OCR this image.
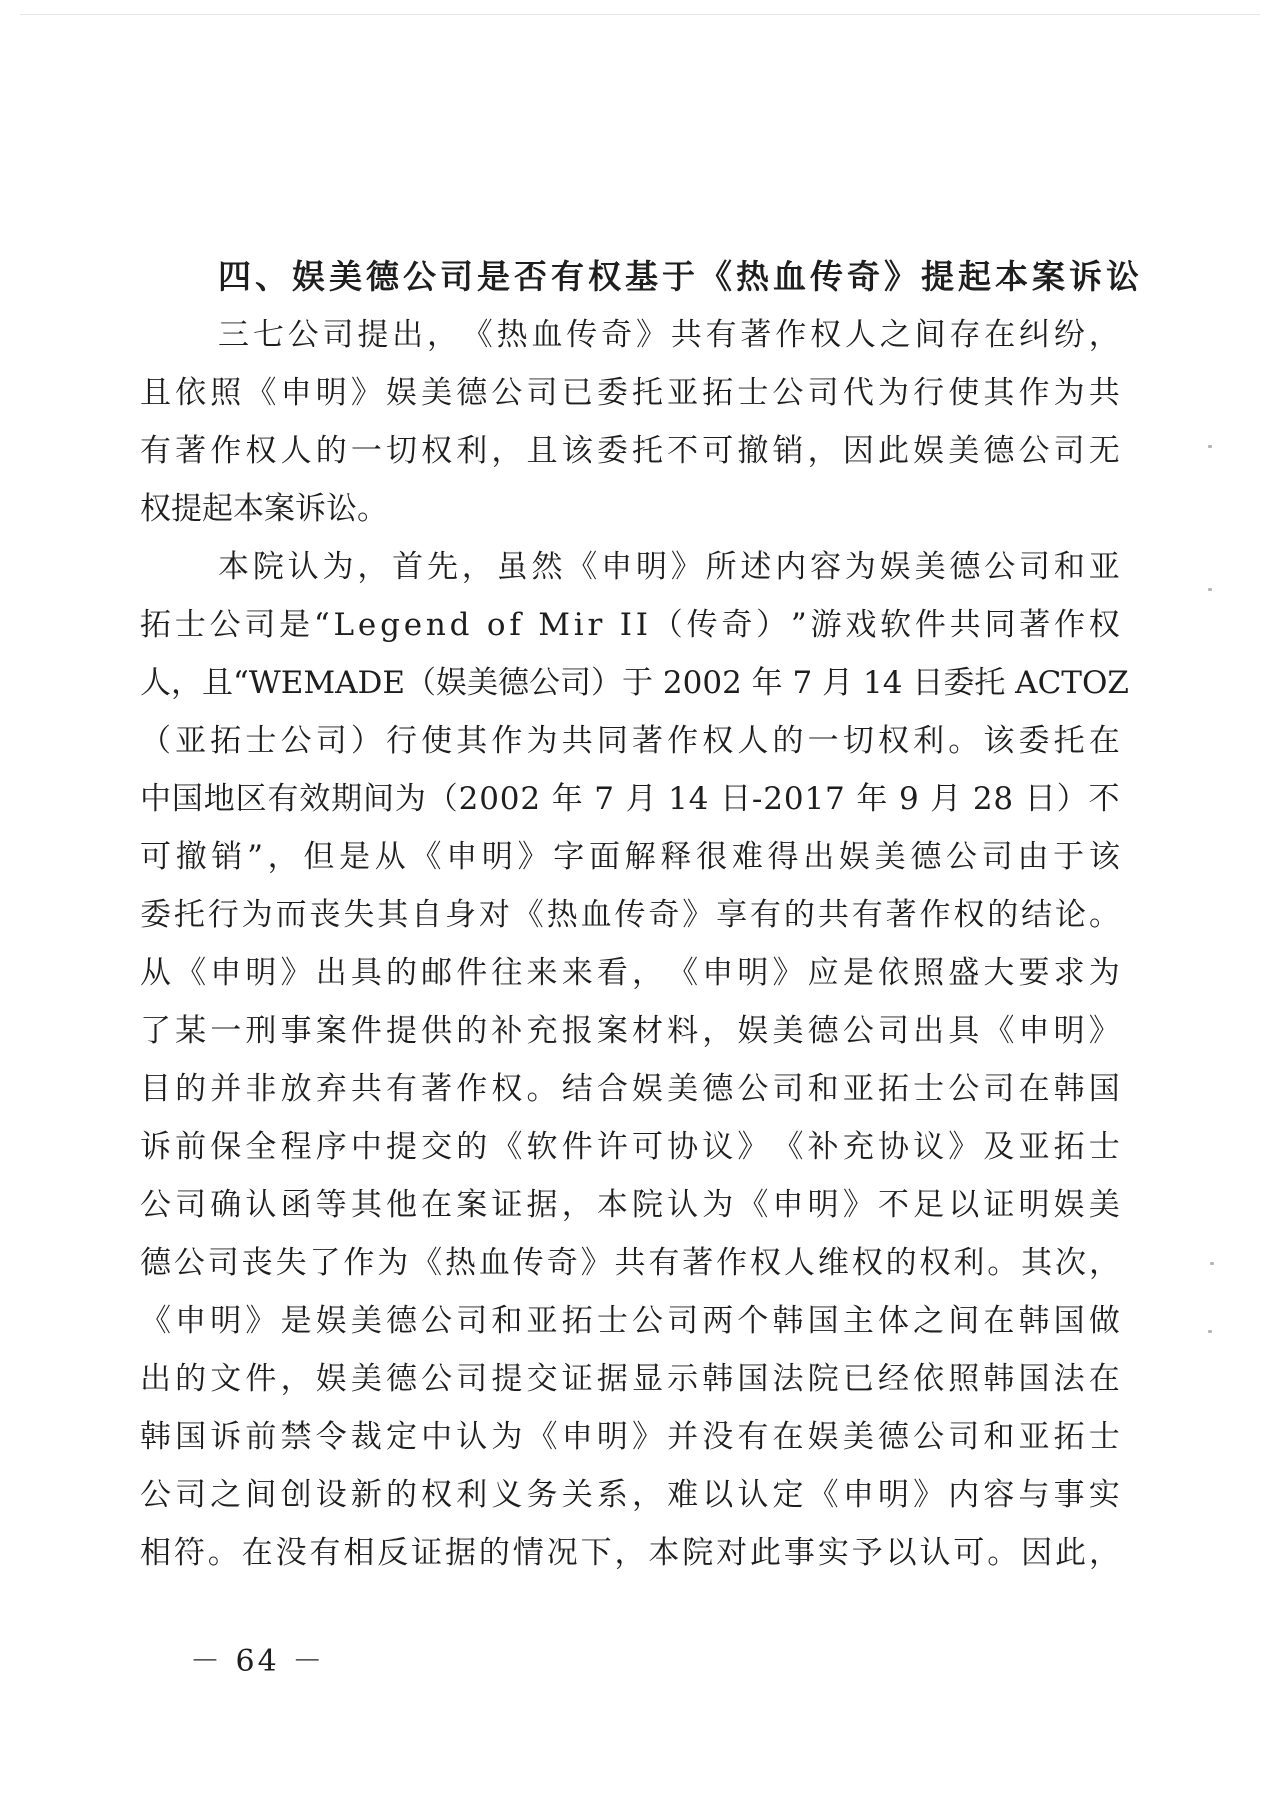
四、娱美德公司是否有权基于《热血传奇》提起本案诉讼
三 七 公 司 提 出 ， 《 热 血 传 奇 》 共 有 著 作 权 人 之 间 存 在 纠 纷 ，
且 依 照 《 申 明 》 娱 美 德 公 司 已 委 托 亚 拓 士 公 司 代 为 行 使 其 作 为 共
有 著 作 权 人 的 一 切 权 利 ， 且 该 委 托 不 可 撤 销 ， 因 此 娱 美 德 公 司 无
权提起本案诉讼。
本 院 认 为 ， 首 先 ， 虽 然 《 申 明 》 所 述 内 容 为 娱 美 德 公 司 和 亚
拓 士 公 司 是 “ L e g e n d
o f
M i r
I I （ 传 奇 ） ” 游 戏 软 件 共 同 著 作 权
人 ， 且 “ W E M A D E （ 娱 美 德 公 司 ） 于
2 0 0 2
年
7
月
1 4
日 委 托
A C T O Z
（ 亚 拓 士 公 司 ） 行 使 其 作 为 共 同 著 作 权 人 的 一 切 权 利 。 该 委 托 在
中 国 地 区 有 效 期 间 为 （ 2 0 0 2
年
7
月
1 4
日 - 2 0 1 7
年
9
月
2 8
日 ） 不
可 撤 销 ” ， 但 是 从 《 申 明 》 字 面 解 释 很 难 得 出 娱 美 德 公 司 由 于 该
委 托 行 为 而 丧 失 其 自 身 对 《 热 血 传 奇 》 享 有 的 共 有 著 作 权 的 结 论 。
从 《 申 明 》 出 具 的 邮 件 往 来 来 看 ， 《 申 明 》 应 是 依 照 盛 大 要 求 为
了 某 一 刑 事 案 件 提 供 的 补 充 报 案 材 料 ， 娱 美 德 公 司 出 具 《 申 明 》
目 的 并 非 放 弃 共 有 著 作 权 。 结 合 娱 美 德 公 司 和 亚 拓 士 公 司 在 韩 国
诉 前 保 全 程 序 中 提 交 的 《 软 件 许 可 协 议 》 《 补 充 协 议 》 及 亚 拓 士
公 司 确 认 函 等 其 他 在 案 证 据 ， 本 院 认 为 《 申 明 》 不 足 以 证 明 娱 美
德 公 司 丧 失 了 作 为 《 热 血 传 奇 》 共 有 著 作 权 人 维 权 的 权 利 。 其 次 ，
《 申 明 》 是 娱 美 德 公 司 和 亚 拓 士 公 司 两 个 韩 国 主 体 之 间 在 韩 国 做
出 的 文 件 ， 娱 美 德 公 司 提 交 证 据 显 示 韩 国 法 院 已 经 依 照 韩 国 法 在
韩 国 诉 前 禁 令 裁 定 中 认 为 《 申 明 》 并 没 有 在 娱 美 德 公 司 和 亚 拓 士
公 司 之 间 创 设 新 的 权 利 义 务 关 系 ， 难 以 认 定 《 申 明 》 内 容 与 事 实
相 符 。 在 没 有 相 反 证 据 的 情 况 下 ， 本 院 对 此 事 实 予 以 认 可 。 因 此 ，
－ 64 －
